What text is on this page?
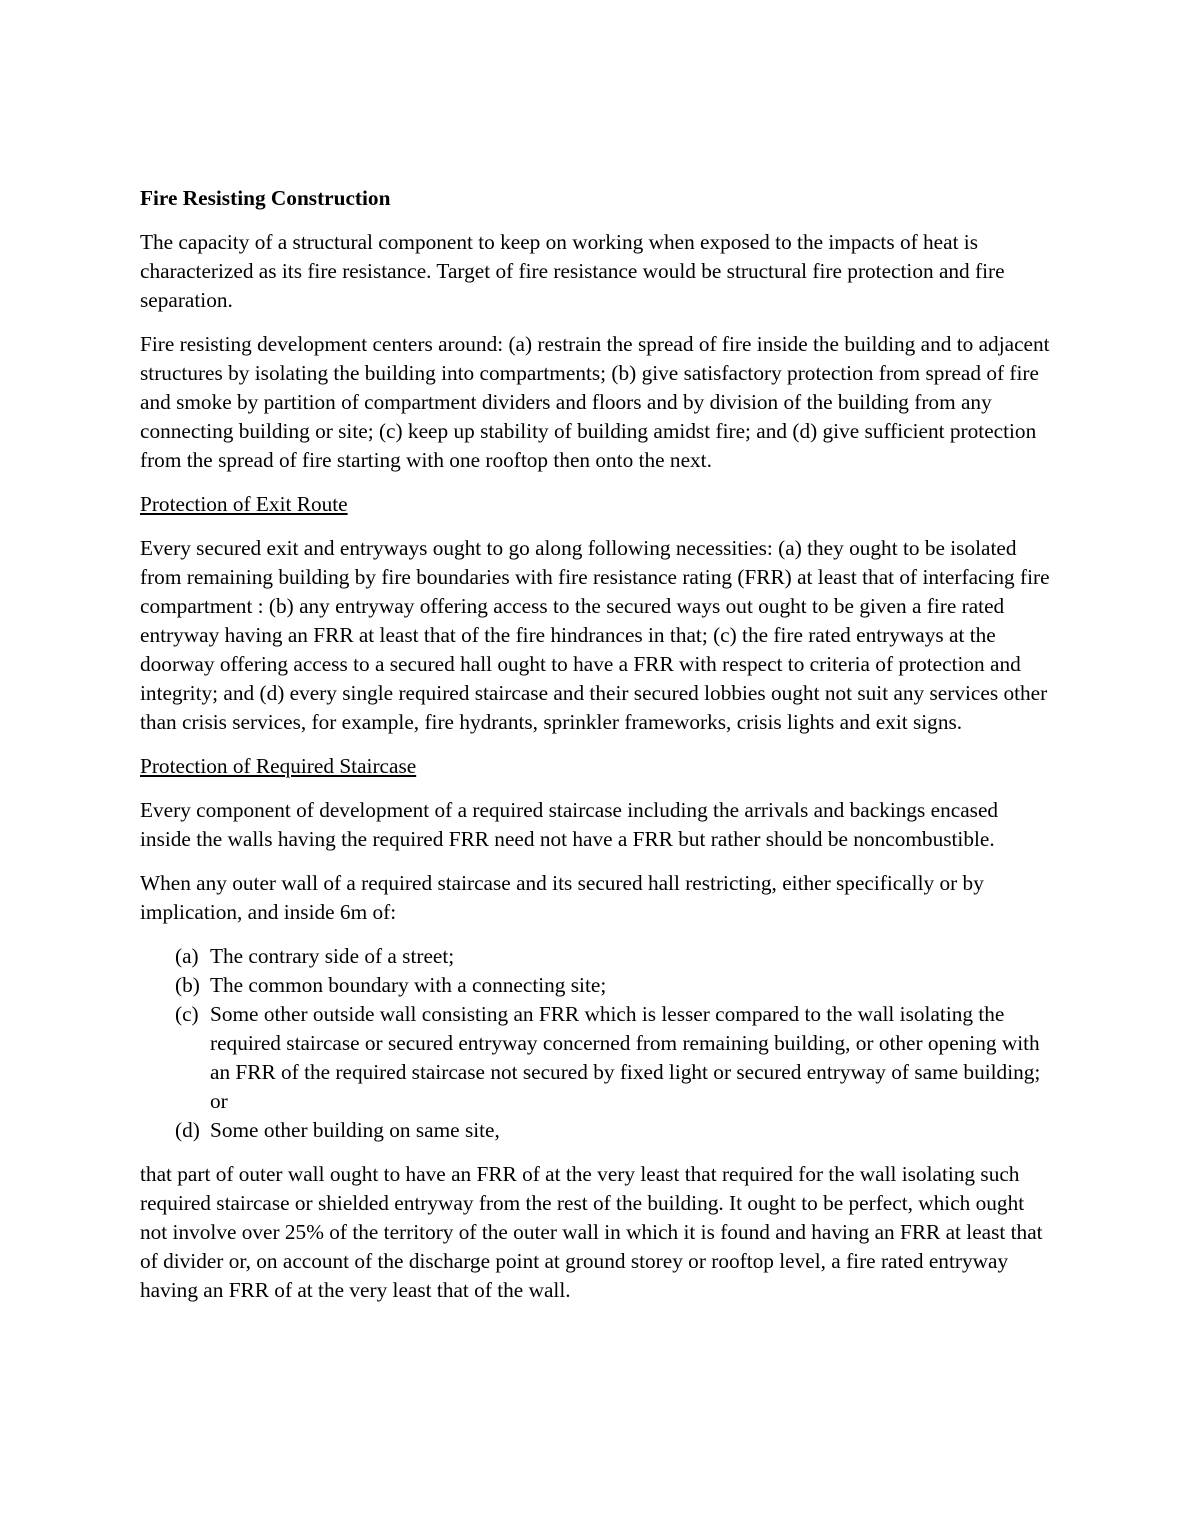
Fire Resisting Construction

The capacity of a structural component to keep on working when exposed to the impacts of heat is characterized as its fire resistance. Target of fire resistance would be structural fire protection and fire separation.

Fire resisting development centers around: (a) restrain the spread of fire inside the building and to adjacent structures by isolating the building into compartments; (b) give satisfactory protection from spread of fire and smoke by partition of compartment dividers and floors and by division of the building from any connecting building or site; (c) keep up stability of building amidst fire; and (d) give sufficient protection from the spread of fire starting with one rooftop then onto the next.

Protection of Exit Route

Every secured exit and entryways ought to go along following necessities: (a) they ought to be isolated from remaining building by fire boundaries with fire resistance rating (FRR) at least that of interfacing fire compartment : (b) any entryway offering access to the secured ways out ought to be given a fire rated entryway having an FRR at least that of the fire hindrances in that; (c) the fire rated entryways at the doorway offering access to a secured hall ought to have a FRR with respect to criteria of protection and integrity; and (d) every single required staircase and their secured lobbies ought not suit any services other than crisis services, for example, fire hydrants, sprinkler frameworks, crisis lights and exit signs.

Protection of Required Staircase

Every component of development of a required staircase including the arrivals and backings encased inside the walls having the required FRR need not have a FRR but rather should be noncombustible.

When any outer wall of a required staircase and its secured hall restricting, either specifically or by implication, and inside 6m of:

(a) The contrary side of a street;
(b) The common boundary with a connecting site;
(c) Some other outside wall consisting an FRR which is lesser compared to the wall isolating the required staircase or secured entryway concerned from remaining building, or other opening with an FRR of the required staircase not secured by fixed light or secured entryway of same building; or
(d) Some other building on same site,

that part of outer wall ought to have an FRR of at the very least that required for the wall isolating such required staircase or shielded entryway from the rest of the building. It ought to be perfect, which ought not involve over 25% of the territory of the outer wall in which it is found and having an FRR at least that of divider or, on account of the discharge point at ground storey or rooftop level, a fire rated entryway having an FRR of at the very least that of the wall.
